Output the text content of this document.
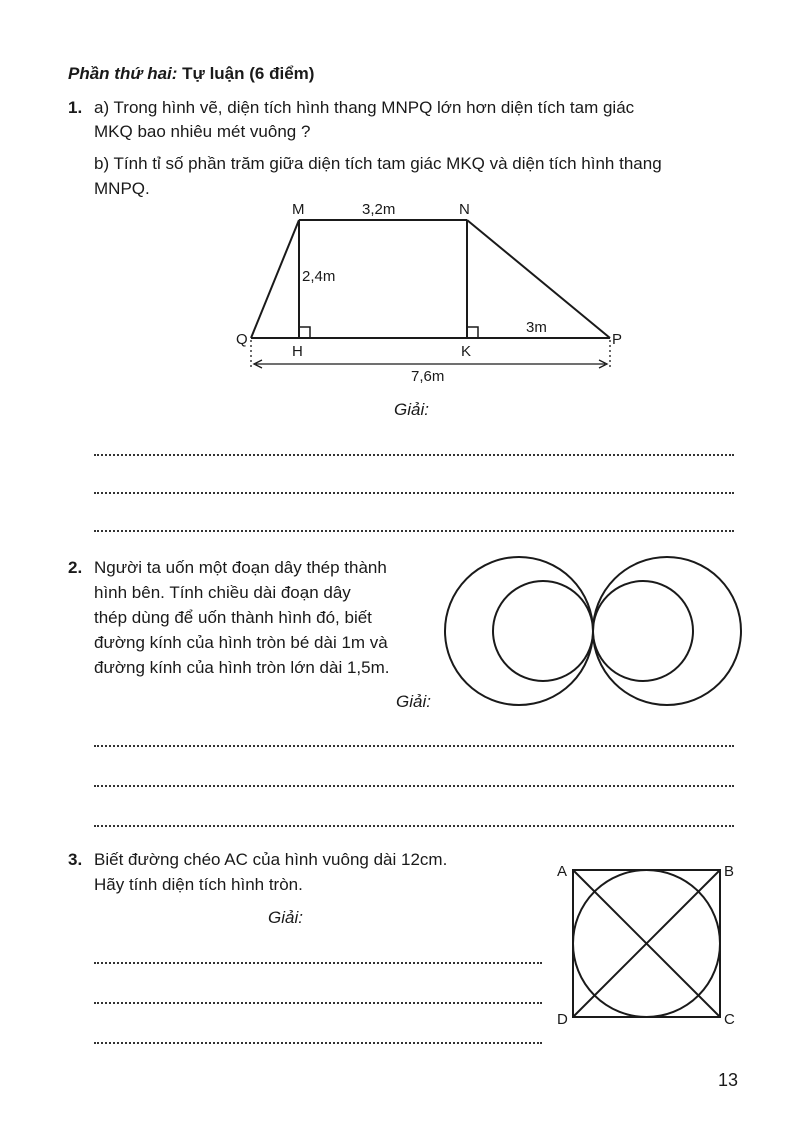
Phần thứ hai: Tự luận (6 điểm)
1. a) Trong hình vẽ, diện tích hình thang MNPQ lớn hơn diện tích tam giác
MKQ bao nhiêu mét vuông ?
b) Tính tỉ số phần trăm giữa diện tích tam giác MKQ và diện tích hình thang
MNPQ.
M	N
P
Q
H	K
3,2m
2,4m
3m
7,6m
A	B
C
D
Giải:
2. Người ta uốn một đoạn dây thép thành
hình bên. Tính chiều dài đoạn dây
thép dùng để uốn thành hình đó, biết
đường kính của hình tròn bé dài 1m và
đường kính của hình tròn lớn dài 1,5m.
Giải:
3. Biết đường chéo AC của hình vuông dài 12cm.
Hãy tính diện tích hình tròn.
Giải:
13
